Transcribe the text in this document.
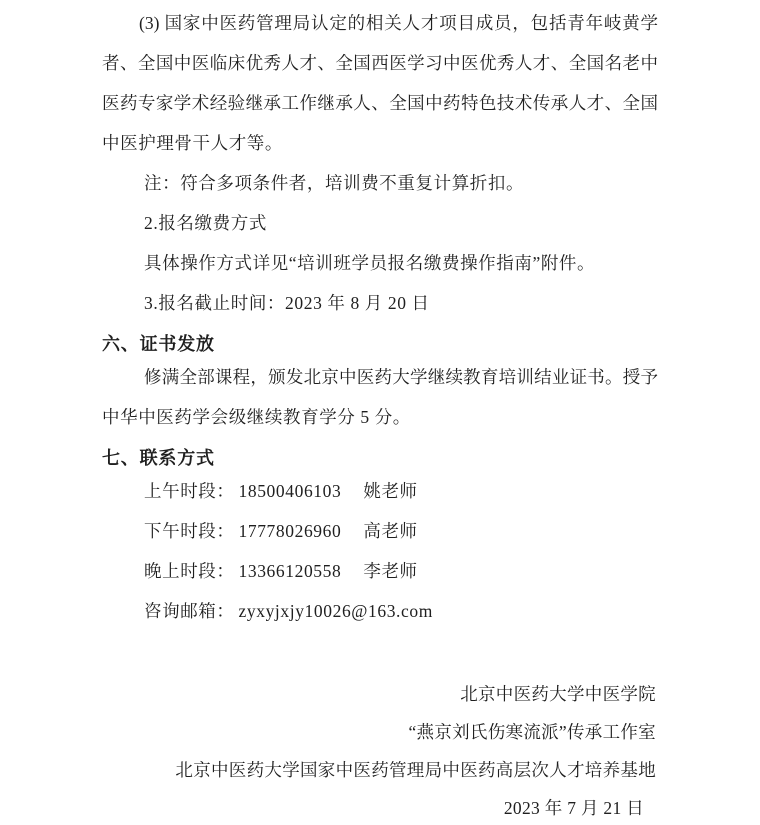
(3) 国家中医药管理局认定的相关人才项目成员，包括青年岐黄学
者、全国中医临床优秀人才、全国西医学习中医优秀人才、全国名老中
医药专家学术经验继承工作继承人、全国中药特色技术传承人才、全国
中医护理骨干人才等。
注：符合多项条件者，培训费不重复计算折扣。
2.报名缴费方式
具体操作方式详见“培训班学员报名缴费操作指南”附件。
3.报名截止时间：2023 年 8 月 20 日
六、证书发放
修满全部课程，颁发北京中医药大学继续教育培训结业证书。授予
中华中医药学会级继续教育学分 5 分。
七、联系方式
上午时段： 18500406103 姚老师
下午时段： 17778026960 高老师
晚上时段： 13366120558 李老师
咨询邮箱： zyxyjxjy10026@163.com
北京中医药大学中医学院
“燕京刘氏伤寒流派”传承工作室
北京中医药大学国家中医药管理局中医药高层次人才培养基地
2023 年 7 月 21 日
